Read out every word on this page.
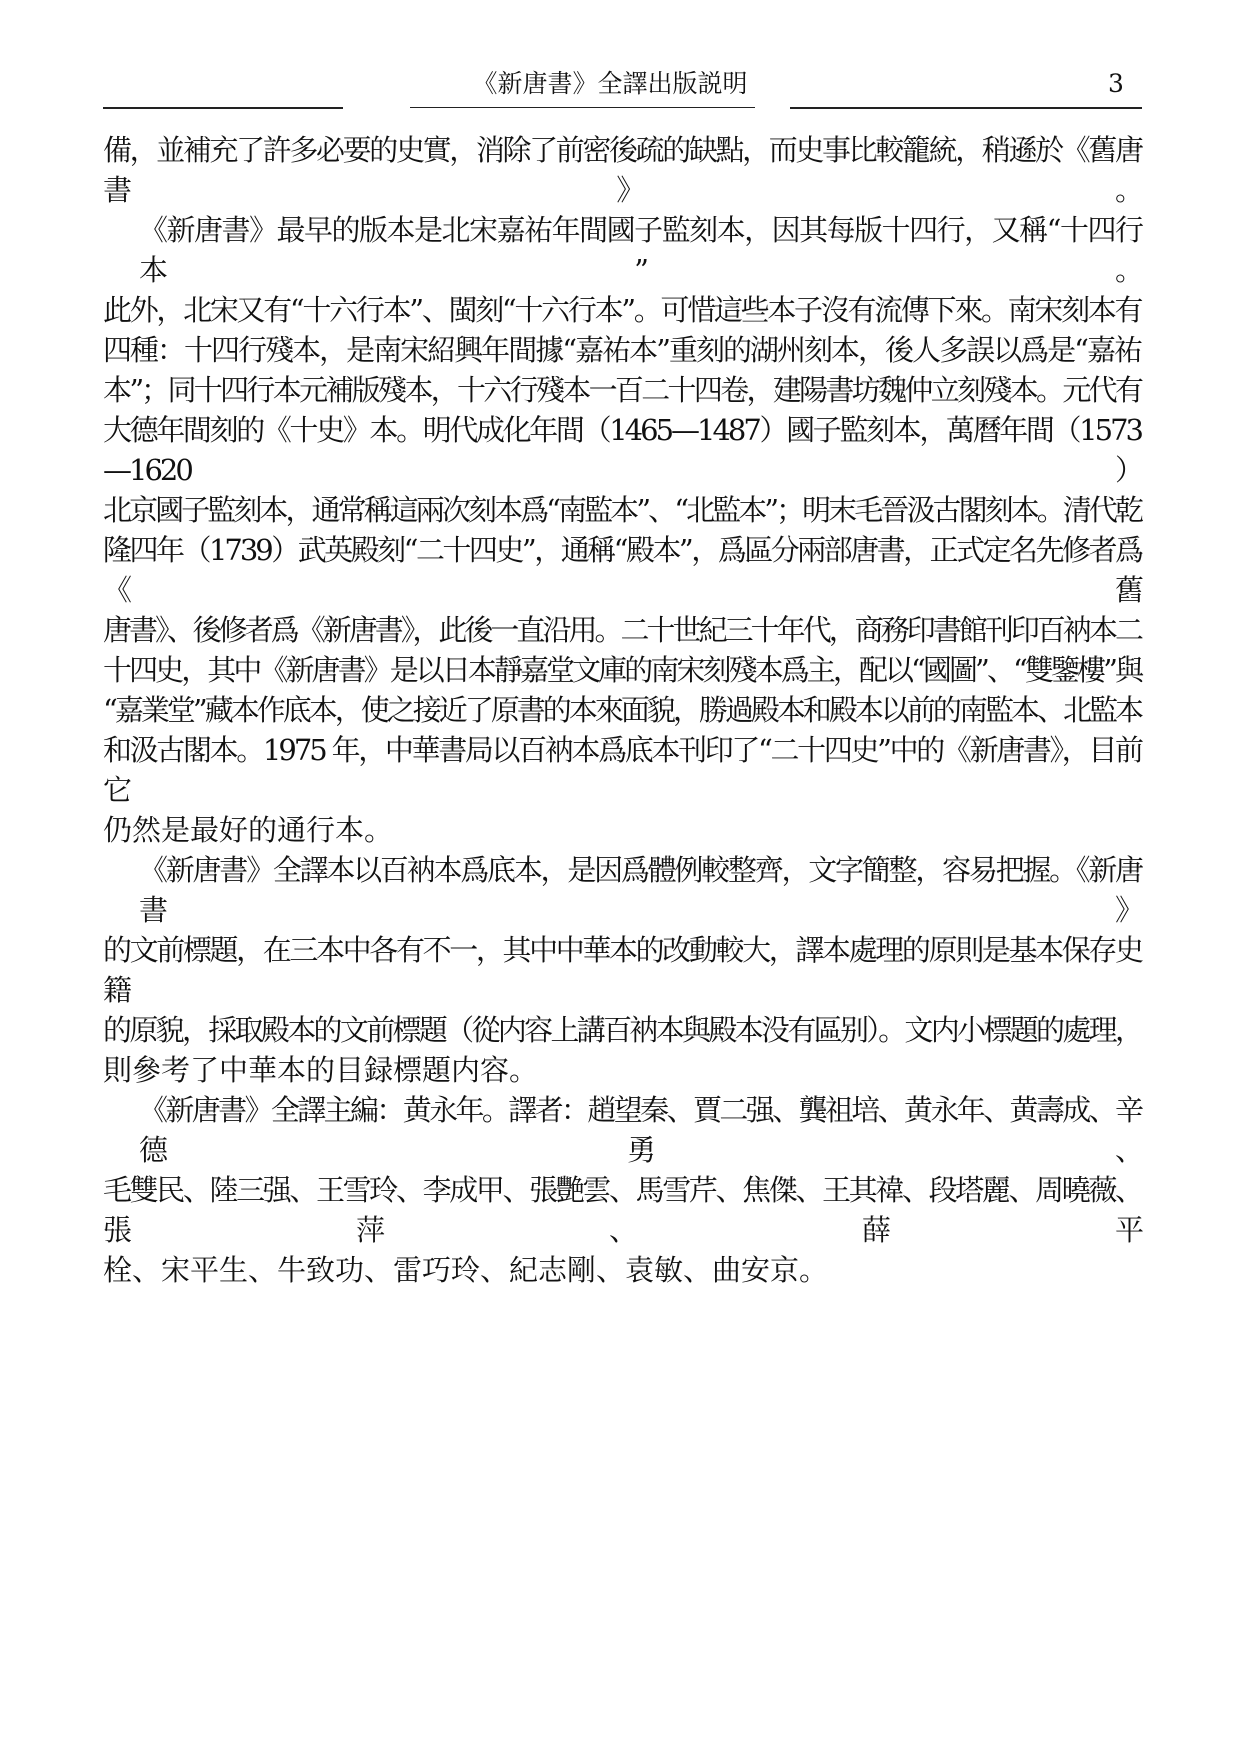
《新唐書》全譯出版説明	3
備，並補充了許多必要的史實，消除了前密後疏的缺點，而史事比較籠統，稍遜於《舊唐書》。
《新唐書》最早的版本是北宋嘉祐年間國子監刻本，因其每版十四行，又稱“十四行本”。
此外，北宋又有“十六行本”、閩刻“十六行本”。可惜這些本子沒有流傳下來。南宋刻本有
四種：十四行殘本，是南宋紹興年間據“嘉祐本”重刻的湖州刻本，後人多誤以爲是“嘉祐
本”；同十四行本元補版殘本，十六行殘本一百二十四卷，建陽書坊魏仲立刻殘本。元代有
大德年間刻的《十史》本。明代成化年間（1465—1487）國子監刻本，萬曆年間（1573—1620）
北京國子監刻本，通常稱這兩次刻本爲“南監本”、“北監本”；明末毛晉汲古閣刻本。清代乾
隆四年（1739）武英殿刻“二十四史”，通稱“殿本”，爲區分兩部唐書，正式定名先修者爲《舊
唐書》、後修者爲《新唐書》，此後一直沿用。二十世紀三十年代，商務印書館刊印百衲本二
十四史，其中《新唐書》是以日本靜嘉堂文庫的南宋刻殘本爲主，配以“國圖”、“雙鑒樓”與
“嘉業堂”藏本作底本，使之接近了原書的本來面貌，勝過殿本和殿本以前的南監本、北監本
和汲古閣本。1975 年，中華書局以百衲本爲底本刊印了“二十四史”中的《新唐書》，目前它
仍然是最好的通行本。
《新唐書》全譯本以百衲本爲底本，是因爲體例較整齊，文字簡整，容易把握。《新唐書》
的文前標題，在三本中各有不一，其中中華本的改動較大，譯本處理的原則是基本保存史籍
的原貌，採取殿本的文前標題（從内容上講百衲本與殿本没有區别）。文内小標題的處理，
則參考了中華本的目録標題内容。
《新唐書》全譯主編：黄永年。譯者：趙望秦、賈二强、龔祖培、黄永年、黄壽成、辛德勇、
毛雙民、陸三强、王雪玲、李成甲、張艷雲、馬雪芹、焦傑、王其禕、段塔麗、周曉薇、張萍、薛平
栓、宋平生、牛致功、雷巧玲、紀志剛、袁敏、曲安京。
